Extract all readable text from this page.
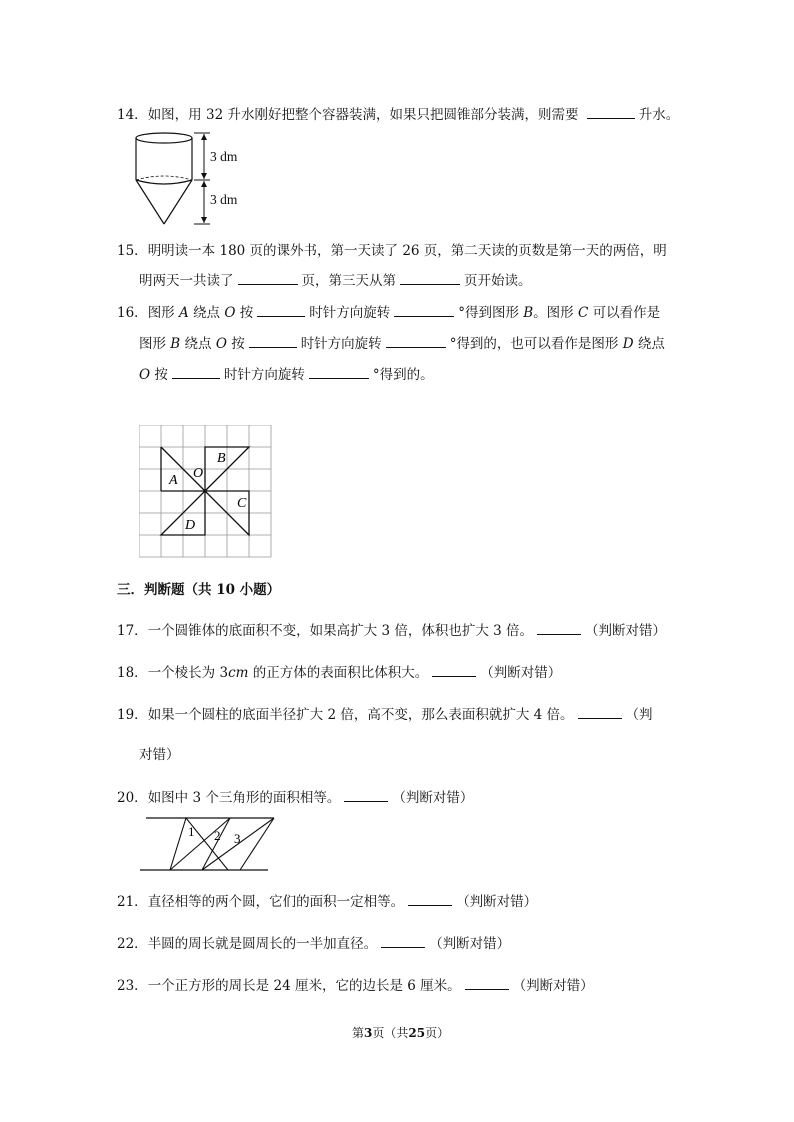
14．如图，用 32 升水刚好把整个容器装满，如果只把圆锥部分装满，则需要	升水。
3 dm
3 dm
15．明明读一本 180 页的课外书，第一天读了 26 页，第二天读的页数是第一天的两倍，明
明两天一共读了	页，第三天从第	页开始读。
16．图形 A 绕点 O 按	时针方向旋转	°得到图形 B。图形 C 可以看作是
图形 B 绕点 O 按	时针方向旋转	°得到的，也可以看作是图形 D 绕点
O 按	时针方向旋转	°得到的。
A O
B
C
D
三．判断题（共 10 小题）
17．一个圆锥体的底面积不变，如果高扩大 3 倍，体积也扩大 3 倍。	（判断对错）
18．一个棱长为 3cm 的正方体的表面积比体积大。	（判断对错）
19．如果一个圆柱的底面半径扩大 2 倍，高不变，那么表面积就扩大 4 倍。	（判
对错）
20．如图中 3 个三角形的面积相等。	（判断对错）
1 2 3
21．直径相等的两个圆，它们的面积一定相等。	（判断对错）
22．半圆的周长就是圆周长的一半加直径。	（判断对错）
23．一个正方形的周长是 24 厘米，它的边长是 6 厘米。	（判断对错）
第3页（共25页）
